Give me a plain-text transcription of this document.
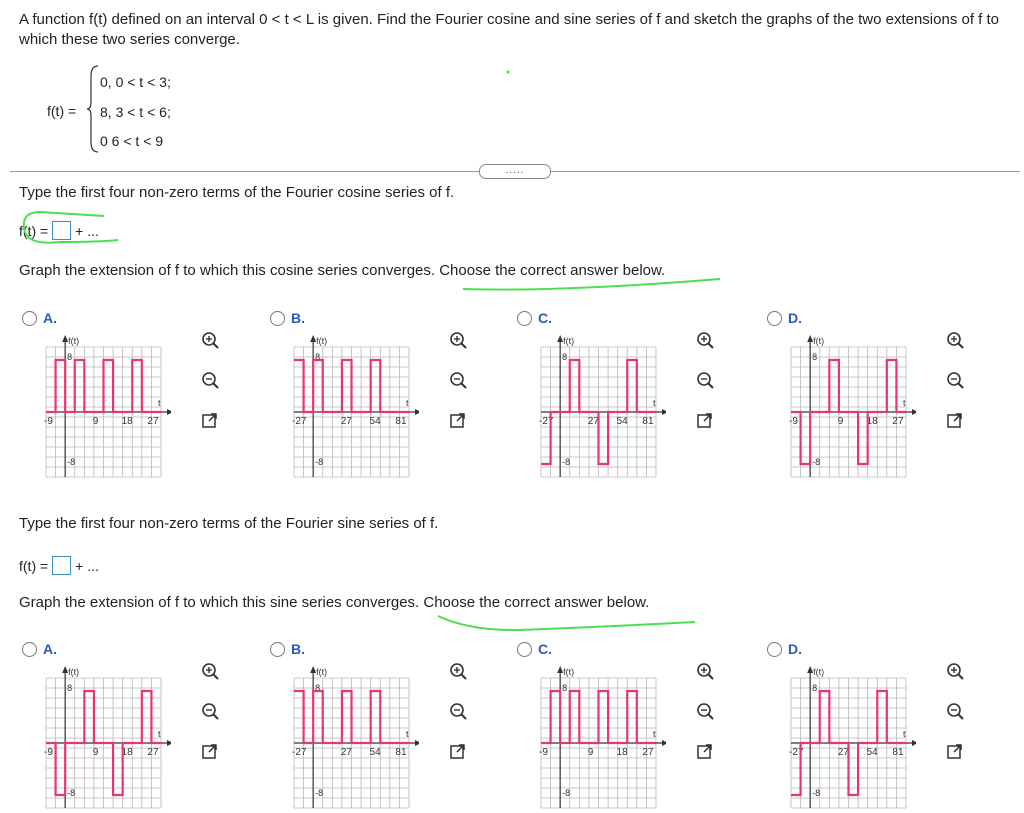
A function f(t) defined on an interval 0 < t < L is given. Find the Fourier cosine and sine series of f and sketch the graphs of the two extensions of f to which these two series converge.
f(t) =
0, 0 < t < 3;
8, 3 < t < 6;
0 6 < t < 9
.....
Type the first four non-zero terms of the Fourier cosine series of f.
f(t) = + ...
Graph the extension of f to which this cosine series converges. Choose the correct answer below.
A.
f(t)
t
8
-8
-9	9 18 27
B.
f(t)
t
8
-8
-27	27 54 81
C.
f(t)
t
8
-8
-27	27 54 81
D.
f(t)
t
8
-8
-9	9 18 27
Type the first four non-zero terms of the Fourier sine series of f.
f(t) = + ...
Graph the extension of f to which this sine series converges. Choose the correct answer below.
A.
f(t)
t
8
-8
-9	9 18 27
B.
f(t)
t
8
-8
-27	27 54 81
C.
f(t)
t
8
-8
-9	9 18 27
D.
f(t)
t
8
-8
-27	27 54 81
